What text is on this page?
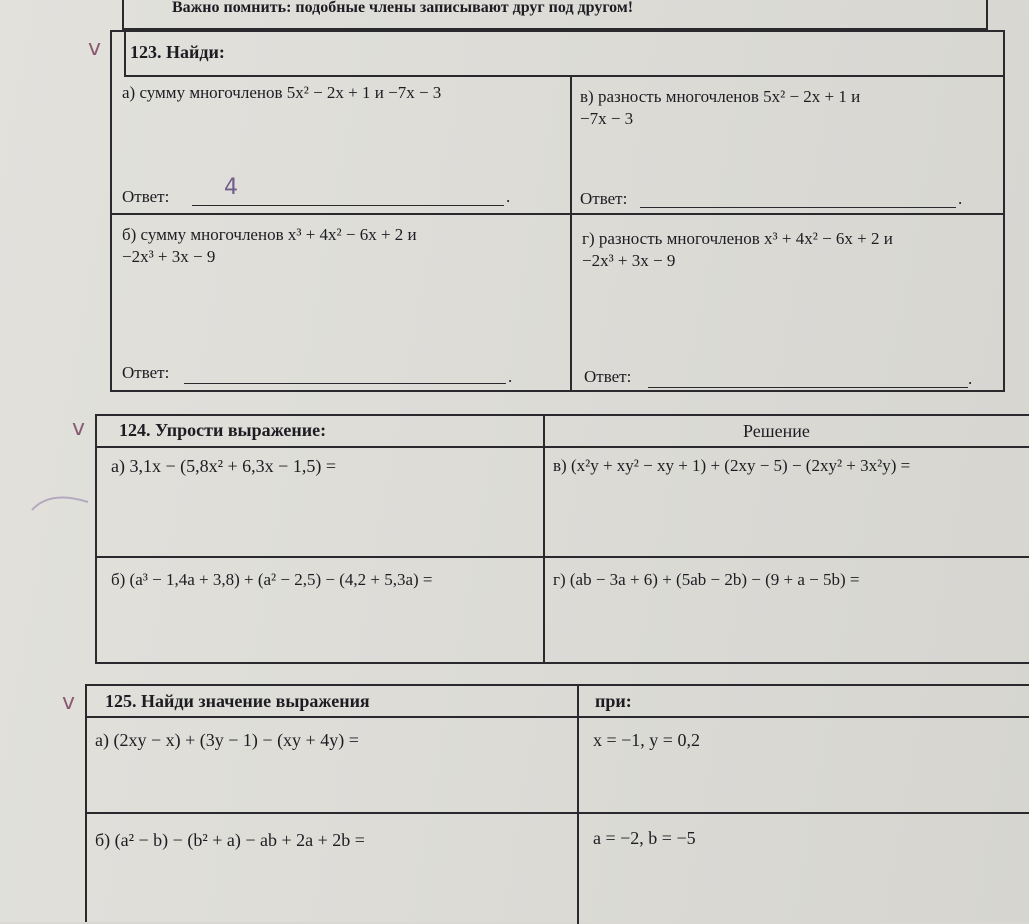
Важно помнить: подобные члены записывают друг под другом!
v 123. Найди:
а) сумму многочленов 5x² − 2x + 1 и −7x − 3
Ответ:	.
4
в) разность многочленов 5x² − 2x + 1 и
−7x − 3
Ответ:	.
б) сумму многочленов x³ + 4x² − 6x + 2 и
−2x³ + 3x − 9
Ответ:	.
г) разность многочленов x³ + 4x² − 6x + 2 и
−2x³ + 3x − 9
Ответ:	.
v 124. Упрости выражение:	Решение
а) 3,1x − (5,8x² + 6,3x − 1,5) =	в) (x²y + xy² − xy + 1) + (2xy − 5) − (2xy² + 3x²y) =
б) (a³ − 1,4a + 3,8) + (a² − 2,5) − (4,2 + 5,3a) =	г) (ab − 3a + 6) + (5ab − 2b) − (9 + a − 5b) =
v 125. Найди значение выражения	при:
а) (2xy − x) + (3y − 1) − (xy + 4y) =	x = −1, y = 0,2
б) (a² − b) − (b² + a) − ab + 2a + 2b =	a = −2, b = −5
